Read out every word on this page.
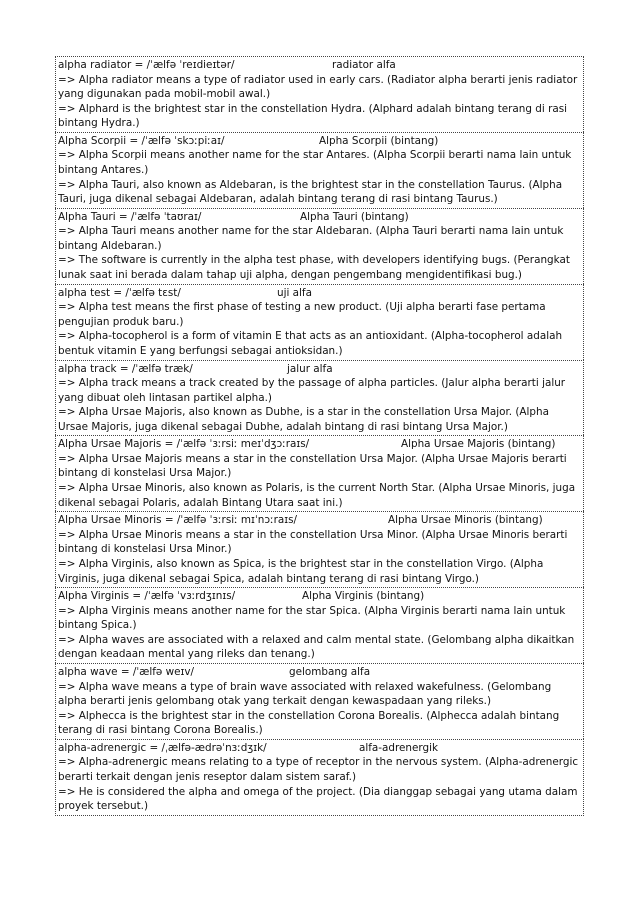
alpha radiator = /ˈælfə ˈreɪdieɪtər/	radiator alfa

=> Alpha radiator means a type of radiator used in early cars. (Radiator alpha berarti jenis radiator yang digunakan pada mobil-mobil awal.)

=> Alphard is the brightest star in the constellation Hydra. (Alphard adalah bintang terang di rasi bintang Hydra.)

Alpha Scorpii = /ˈælfə ˈskɔːpiːaɪ/	Alpha Scorpii (bintang)

=> Alpha Scorpii means another name for the star Antares. (Alpha Scorpii berarti nama lain untuk bintang Antares.)

=> Alpha Tauri, also known as Aldebaran, is the brightest star in the constellation Taurus. (Alpha Tauri, juga dikenal sebagai Aldebaran, adalah bintang terang di rasi bintang Taurus.)

Alpha Tauri = /ˈælfə ˈtaʊraɪ/	Alpha Tauri (bintang)

=> Alpha Tauri means another name for the star Aldebaran. (Alpha Tauri berarti nama lain untuk bintang Aldebaran.)

=> The software is currently in the alpha test phase, with developers identifying bugs. (Perangkat lunak saat ini berada dalam tahap uji alpha, dengan pengembang mengidentifikasi bug.)

alpha test = /ˈælfə tɛst/	uji alfa

=> Alpha test means the first phase of testing a new product. (Uji alpha berarti fase pertama pengujian produk baru.)

=> Alpha-tocopherol is a form of vitamin E that acts as an antioxidant. (Alpha-tocopherol adalah bentuk vitamin E yang berfungsi sebagai antioksidan.)

alpha track = /ˈælfə træk/	jalur alfa

=> Alpha track means a track created by the passage of alpha particles. (Jalur alpha berarti jalur yang dibuat oleh lintasan partikel alpha.)

=> Alpha Ursae Majoris, also known as Dubhe, is a star in the constellation Ursa Major. (Alpha Ursae Majoris, juga dikenal sebagai Dubhe, adalah bintang di rasi bintang Ursa Major.)

Alpha Ursae Majoris = /ˈælfə ˈɜːrsiː meɪˈdʒɔːraɪs/	Alpha Ursae Majoris (bintang)

=> Alpha Ursae Majoris means a star in the constellation Ursa Major. (Alpha Ursae Majoris berarti bintang di konstelasi Ursa Major.)

=> Alpha Ursae Minoris, also known as Polaris, is the current North Star. (Alpha Ursae Minoris, juga dikenal sebagai Polaris, adalah Bintang Utara saat ini.)

Alpha Ursae Minoris = /ˈælfə ˈɜːrsiː mɪˈnɔːraɪs/	Alpha Ursae Minoris (bintang)

=> Alpha Ursae Minoris means a star in the constellation Ursa Minor. (Alpha Ursae Minoris berarti bintang di konstelasi Ursa Minor.)

=> Alpha Virginis, also known as Spica, is the brightest star in the constellation Virgo. (Alpha Virginis, juga dikenal sebagai Spica, adalah bintang terang di rasi bintang Virgo.)

Alpha Virginis = /ˈælfə ˈvɜːrdʒɪnɪs/	Alpha Virginis (bintang)

=> Alpha Virginis means another name for the star Spica. (Alpha Virginis berarti nama lain untuk bintang Spica.)

=> Alpha waves are associated with a relaxed and calm mental state. (Gelombang alpha dikaitkan dengan keadaan mental yang rileks dan tenang.)

alpha wave = /ˈælfə weɪv/	gelombang alfa

=> Alpha wave means a type of brain wave associated with relaxed wakefulness. (Gelombang alpha berarti jenis gelombang otak yang terkait dengan kewaspadaan yang rileks.)

=> Alphecca is the brightest star in the constellation Corona Borealis. (Alphecca adalah bintang terang di rasi bintang Corona Borealis.)

alpha-adrenergic = /ˌælfə-ædrəˈnɜːdʒɪk/	alfa-adrenergik

=> Alpha-adrenergic means relating to a type of receptor in the nervous system. (Alpha-adrenergic berarti terkait dengan jenis reseptor dalam sistem saraf.)

=> He is considered the alpha and omega of the project. (Dia dianggap sebagai yang utama dalam proyek tersebut.)
